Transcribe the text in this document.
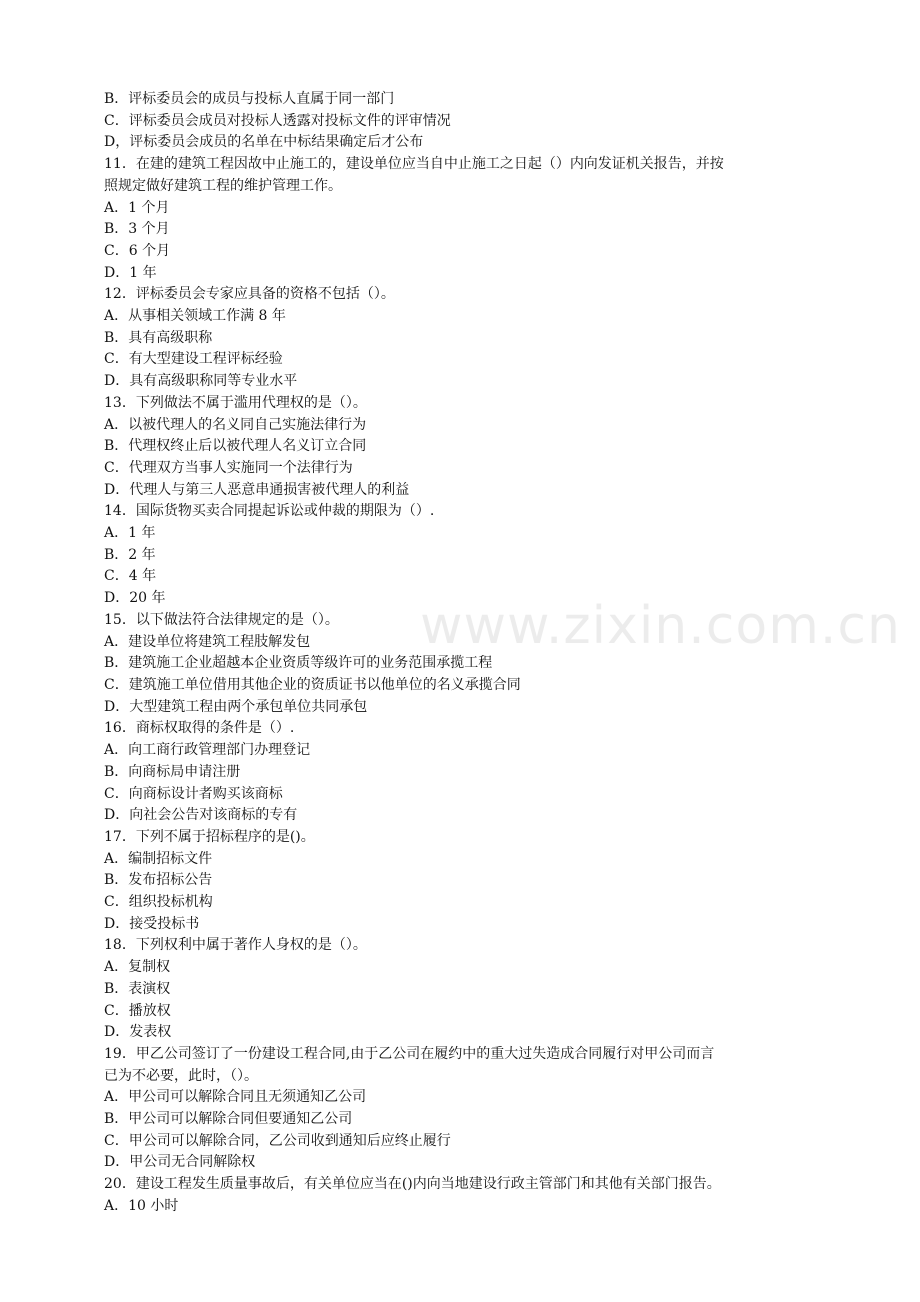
B．评标委员会的成员与投标人直属于同一部门
C．评标委员会成员对投标人透露对投标文件的评审情况
D，评标委员会成员的名单在中标结果确定后才公布
11．在建的建筑工程因故中止施工的，建设单位应当自中止施工之日起（）内向发证机关报告，并按
照规定做好建筑工程的维护管理工作。
A．1 个月
B．3 个月
C．6 个月
D．1 年
12．评标委员会专家应具备的资格不包括（）。
A．从事相关领域工作满 8 年
B．具有高级职称
C．有大型建设工程评标经验
D．具有高级职称同等专业水平
13．下列做法不属于滥用代理权的是（）。
A．以被代理人的名义同自己实施法律行为
B．代理权终止后以被代理人名义订立合同
C．代理双方当事人实施同一个法律行为
D．代理人与第三人恶意串通损害被代理人的利益
14．国际货物买卖合同提起诉讼或仲裁的期限为（）.
A．1 年
B．2 年
C．4 年
D．20 年
15．以下做法符合法律规定的是（）。
A．建设单位将建筑工程肢解发包
B．建筑施工企业超越本企业资质等级许可的业务范围承揽工程
C．建筑施工单位借用其他企业的资质证书以他单位的名义承揽合同
D．大型建筑工程由两个承包单位共同承包
16．商标权取得的条件是（）.
A．向工商行政管理部门办理登记
B．向商标局申请注册
C．向商标设计者购买该商标
D．向社会公告对该商标的专有
17．下列不属于招标程序的是()。
A．编制招标文件
B．发布招标公告
C．组织投标机构
D．接受投标书
18．下列权利中属于著作人身权的是（）。
A．复制权
B．表演权
C．播放权
D．发表权
19．甲乙公司签订了一份建设工程合同,由于乙公司在履约中的重大过失造成合同履行对甲公司而言
已为不必要，此时，（）。
A．甲公司可以解除合同且无须通知乙公司
B．甲公司可以解除合同但要通知乙公司
C．甲公司可以解除合同，乙公司收到通知后应终止履行
D．甲公司无合同解除权
20．建设工程发生质量事故后，有关单位应当在()内向当地建设行政主管部门和其他有关部门报告。
A．10 小时
www.zixin.com.cn
